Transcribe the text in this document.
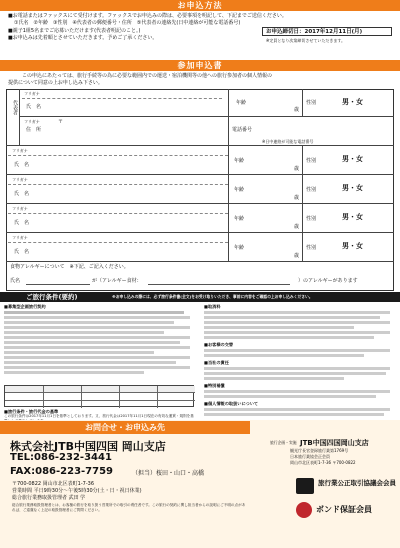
お申込方法
■お電話またはファックスにて受付けます。ファックスでお申込みの際は、必要事項を明記して、下記までご送信ください。
①氏名　②年齢　③性別　④代表者の郵便番号・住所　⑤代表者の連絡先(日中連絡が可能な電話番号)
■親子1組5名までご応募いただけます(代表者明記のこと。)
■お申込みは先着順とさせていただきます。予めご了承ください。
お申込締切日：2017年12月11日(月)
※定員となり次第締切させていただきます。
参加申込書
この申込にあたっては、旅行手続等の為に必要な範囲内での運送・宿泊機関等の他への旅行参加者の個人情報の
提供について同意の上お申し込み下さい。
代表者
フリガナ
氏　名
年齢
歳
性別	男・女
フリガナ
住　所
〒
電話番号
※日中連絡が可能な電話番号
フリガナ
氏　名
年齢
歳
性別	男・女
フリガナ
氏　名
年齢
歳
性別	男・女
フリガナ
氏　名
年齢
歳
性別	男・女
フリガナ
氏　名
年齢
歳
性別	男・女
食物アレルギーについて　※下記、ご記入ください。
氏名	が（アレルギー食材：	）のアレルギーがあります
ご旅行条件(要約)	※お申し込みの際には、必ず旅行条件書(全文)をお受け取りいただき、事前に内容をご確認の上お申し込みください。
■募集型企画旅行契約
■旅行条件・旅行代金の基準
この旅行条件は2017年11月1日を基準としております。又、旅行代金は2017年11月1日現在の有効な運賃・規則を基
■取消料
■お客様の交替
■当社の責任
■特別補償
■個人情報の取扱いについて
お問合せ・お申込み先
株式会社JTB中国四国 岡山支店
TEL:086-232-3441
FAX:086-223-7759	（担当）桜田・山口・高橋
〒700-0822 岡山市北区表町1-7-36
営業時間 平日9時30分～午後5時30分(土・日・祝日休業)
総合旅行業務取扱管理者 武田 学
総合旅行業務取扱管理者とは、お客様の旅行を取り扱う営業所での取引の責任者です。この旅行の契約に関し担当者からの説明にご不明の点があれば、ご遠慮なく上記の取扱管理者にご質問ください。
旅行企画・実施 JTB中国四国岡山支店
観光庁長官登録旅行業第1769号
日本旅行業協会正会員
岡山市北区表町1-7-36 〒700-0822
旅行業公正取引協議会会員
ボンド保証会員
